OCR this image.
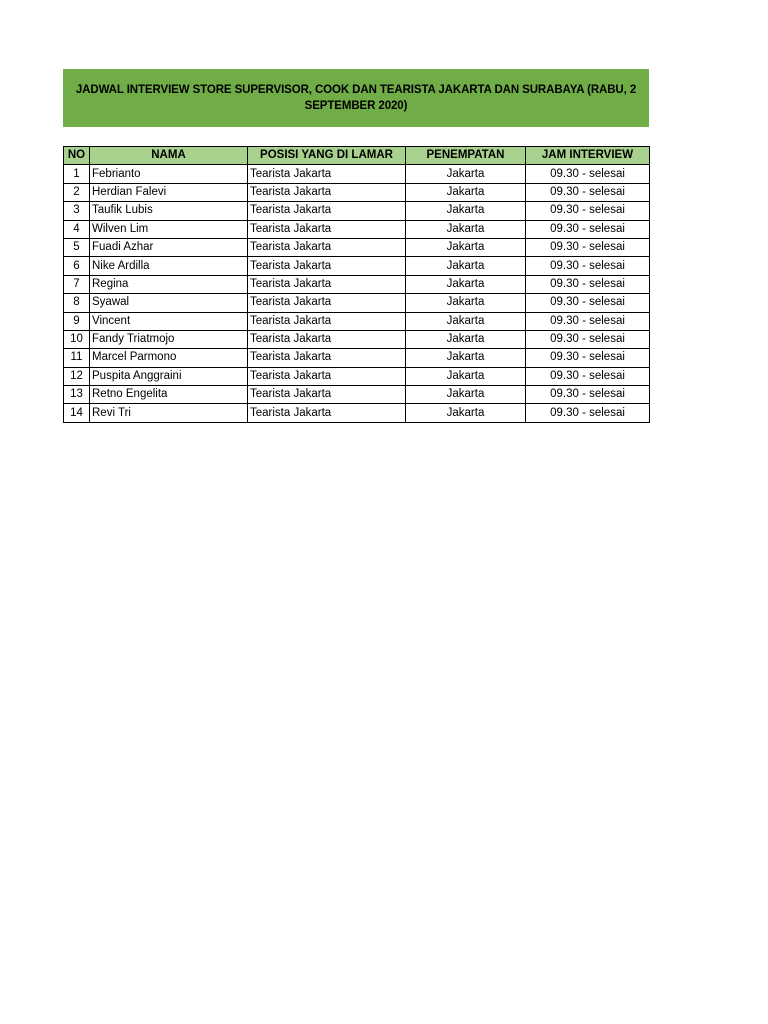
JADWAL INTERVIEW STORE SUPERVISOR, COOK DAN TEARISTA JAKARTA DAN SURABAYA (RABU, 2 SEPTEMBER 2020)
NO	NAMA	POSISI YANG DI LAMAR	PENEMPATAN	JAM INTERVIEW
1	Febrianto	Tearista Jakarta	Jakarta	09.30 - selesai
2	Herdian Falevi	Tearista Jakarta	Jakarta	09.30 - selesai
3	Taufik Lubis	Tearista Jakarta	Jakarta	09.30 - selesai
4	Wilven Lim	Tearista Jakarta	Jakarta	09.30 - selesai
5	Fuadi Azhar	Tearista Jakarta	Jakarta	09.30 - selesai
6	Nike Ardilla	Tearista Jakarta	Jakarta	09.30 - selesai
7	Regina	Tearista Jakarta	Jakarta	09.30 - selesai
8	Syawal	Tearista Jakarta	Jakarta	09.30 - selesai
9	Vincent	Tearista Jakarta	Jakarta	09.30 - selesai
10	Fandy Triatmojo	Tearista Jakarta	Jakarta	09.30 - selesai
11	Marcel Parmono	Tearista Jakarta	Jakarta	09.30 - selesai
12	Puspita Anggraini	Tearista Jakarta	Jakarta	09.30 - selesai
13	Retno Engelita	Tearista Jakarta	Jakarta	09.30 - selesai
14	Revi Tri	Tearista Jakarta	Jakarta	09.30 - selesai
